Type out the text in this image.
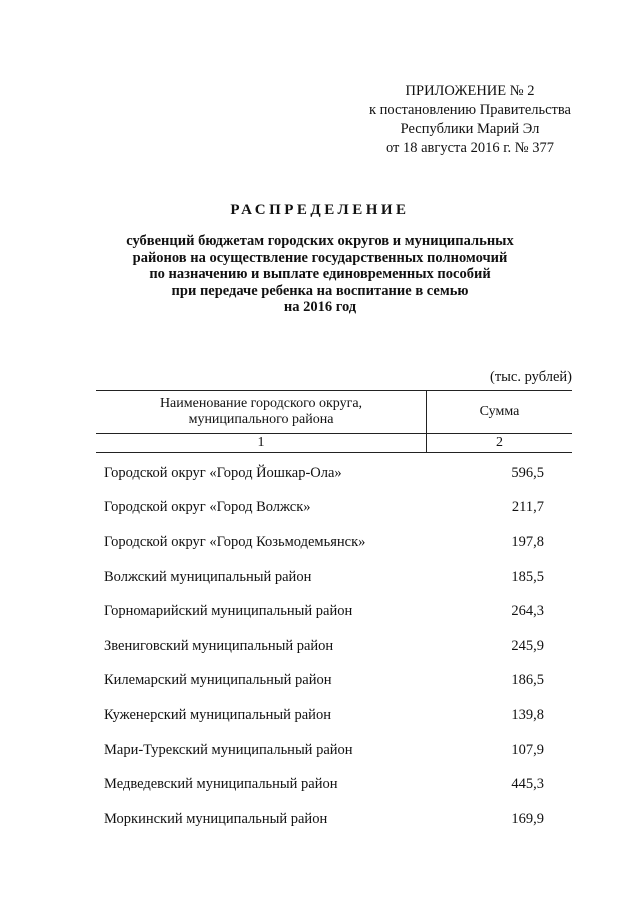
ПРИЛОЖЕНИЕ № 2
к постановлению Правительства
Республики Марий Эл
от 18 августа 2016 г. № 377
РАСПРЕДЕЛЕНИЕ
субвенций бюджетам городских округов и муниципальных
районов на осуществление государственных полномочий
по назначению и выплате единовременных пособий
при передаче ребенка на воспитание в семью
на 2016 год
(тыс. рублей)
Наименование городского округа,
муниципального района
Сумма
1	2
Городской округ «Город Йошкар-Ола»	596,5
Городской округ «Город Волжск»	211,7
Городской округ «Город Козьмодемьянск»	197,8
Волжский муниципальный район	185,5
Горномарийский муниципальный район	264,3
Звениговский муниципальный район	245,9
Килемарский муниципальный район	186,5
Куженерский муниципальный район	139,8
Мари-Турекский муниципальный район	107,9
Медведевский муниципальный район	445,3
Моркинский муниципальный район	169,9
